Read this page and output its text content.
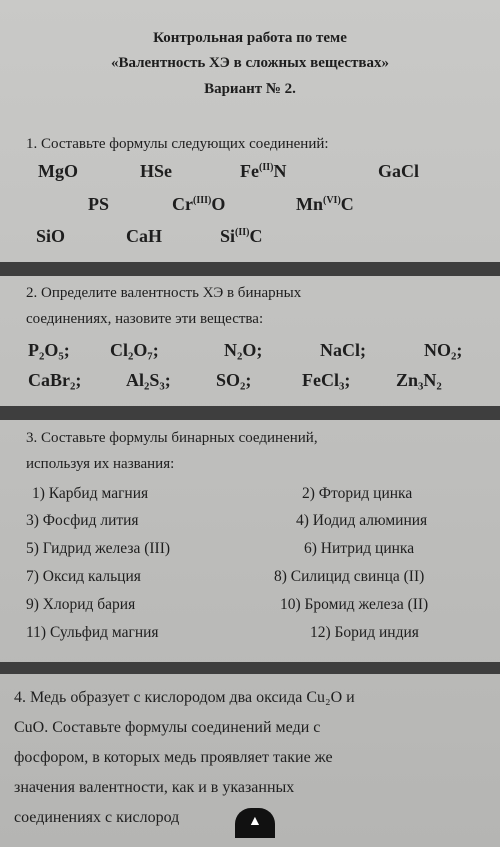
Контрольная работа по теме
«Валентность ХЭ в сложных веществах»
Вариант № 2.
1. Составьте формулы следующих соединений:
MgO	HSe	$Fe^{(II)}N$	GaCl
PS	$Cr^{(III)}O$	$Mn^{(VI)}C$
SiO	CaH	$Si^{(II)}C$
2. Определите валентность ХЭ в бинарных
соединениях, назовите эти вещества:
P₂O₅; Cl₂O₇;	N₂O;	NaCl;	NO₂;
CaBr₂; Al₂S₃;	SO₂;	FeCl₃;	Zn₃N₂
3. Составьте формулы бинарных соединений,
используя их названия:
1) Карбид магния
3) Фосфид лития
5) Гидрид железа (III)
7) Оксид кальция
9) Хлорид бария
11) Сульфид магния
2) Фторид цинка
4) Иодид алюминия
6) Нитрид цинка
8) Силицид свинца (II)
10) Бромид железа (II)
12) Борид индия
4. Медь образует с кислородом два оксида Cu₂O и
CuO. Составьте формулы соединений меди с
фосфором, в которых медь проявляет такие же
значения валентности, как и в указанных
соединениях с кислород	▲
